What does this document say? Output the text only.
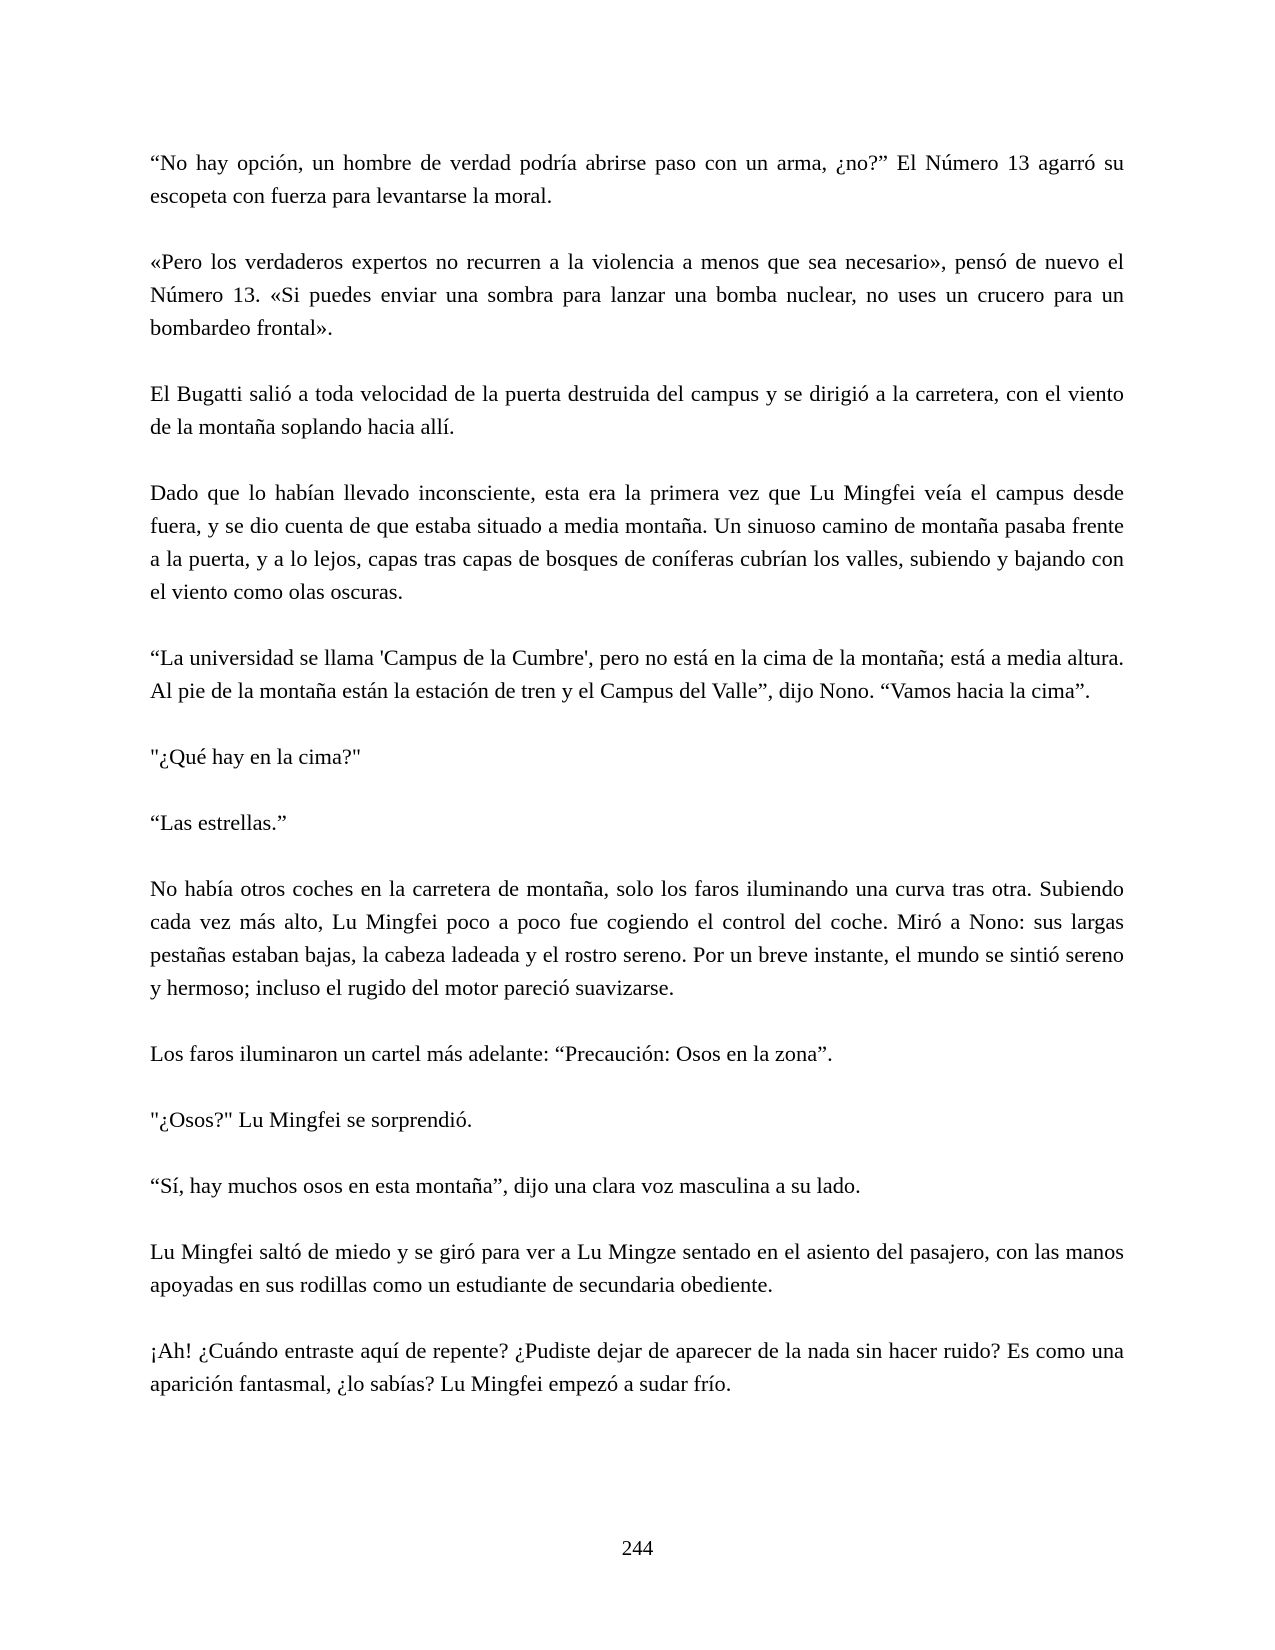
“No hay opción, un hombre de verdad podría abrirse paso con un arma, ¿no?” El Número 13 agarró su escopeta con fuerza para levantarse la moral.

«Pero los verdaderos expertos no recurren a la violencia a menos que sea necesario», pensó de nuevo el Número 13. «Si puedes enviar una sombra para lanzar una bomba nuclear, no uses un crucero para un bombardeo frontal».

El Bugatti salió a toda velocidad de la puerta destruida del campus y se dirigió a la carretera, con el viento de la montaña soplando hacia allí.

Dado que lo habían llevado inconsciente, esta era la primera vez que Lu Mingfei veía el campus desde fuera, y se dio cuenta de que estaba situado a media montaña. Un sinuoso camino de montaña pasaba frente a la puerta, y a lo lejos, capas tras capas de bosques de coníferas cubrían los valles, subiendo y bajando con el viento como olas oscuras.

“La universidad se llama 'Campus de la Cumbre', pero no está en la cima de la montaña; está a media altura. Al pie de la montaña están la estación de tren y el Campus del Valle”, dijo Nono. “Vamos hacia la cima”.

"¿Qué hay en la cima?"

“Las estrellas.”

No había otros coches en la carretera de montaña, solo los faros iluminando una curva tras otra. Subiendo cada vez más alto, Lu Mingfei poco a poco fue cogiendo el control del coche. Miró a Nono: sus largas pestañas estaban bajas, la cabeza ladeada y el rostro sereno. Por un breve instante, el mundo se sintió sereno y hermoso; incluso el rugido del motor pareció suavizarse.

Los faros iluminaron un cartel más adelante: “Precaución: Osos en la zona”.

"¿Osos?" Lu Mingfei se sorprendió.

“Sí, hay muchos osos en esta montaña”, dijo una clara voz masculina a su lado.

Lu Mingfei saltó de miedo y se giró para ver a Lu Mingze sentado en el asiento del pasajero, con las manos apoyadas en sus rodillas como un estudiante de secundaria obediente.

¡Ah! ¿Cuándo entraste aquí de repente? ¿Pudiste dejar de aparecer de la nada sin hacer ruido? Es como una aparición fantasmal, ¿lo sabías? Lu Mingfei empezó a sudar frío.

244
